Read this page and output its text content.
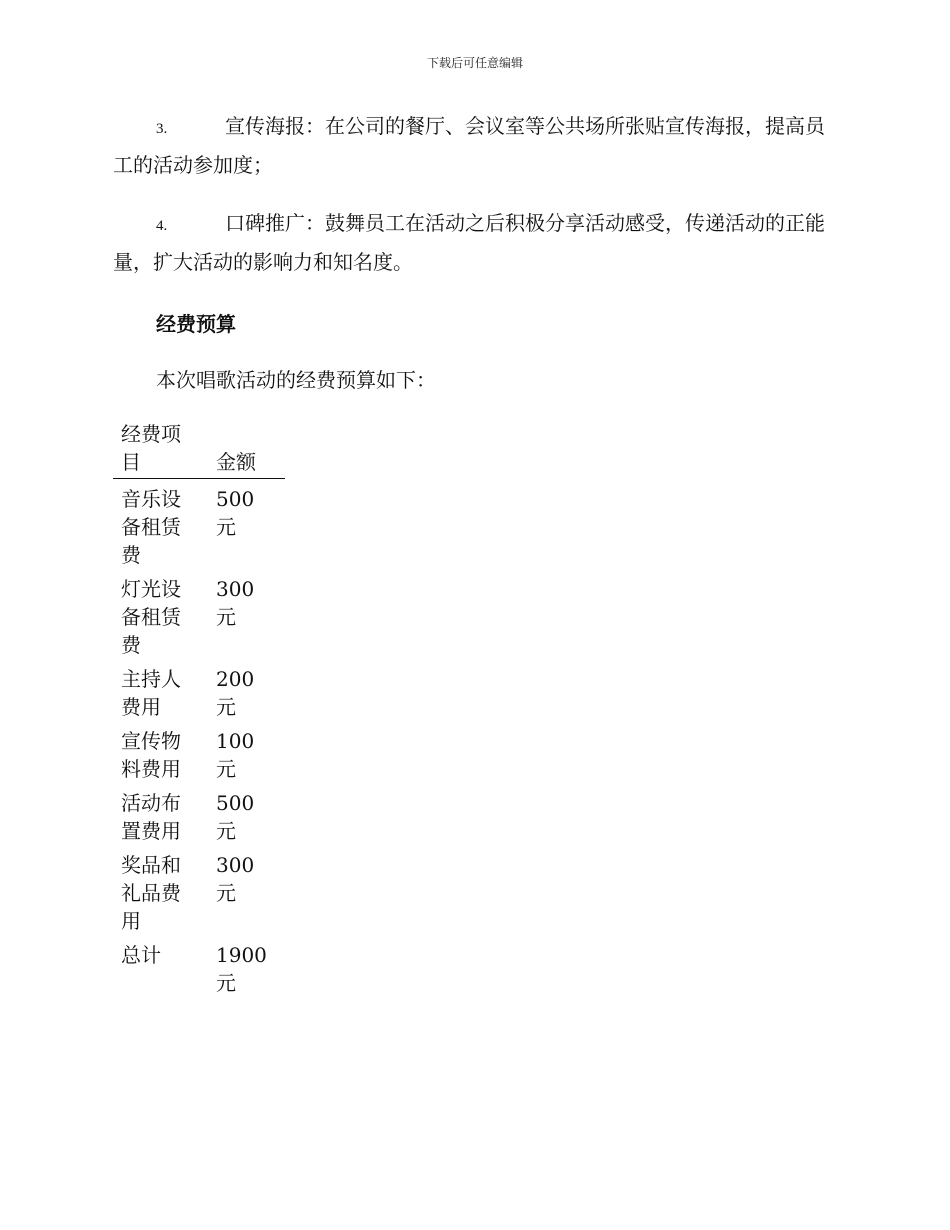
下载后可任意编辑
3.	宣传海报：在公司的餐厅、会议室等公共场所张贴宣传海报，提高员工的活动参加度；
4.	口碑推广：鼓舞员工在活动之后积极分享活动感受，传递活动的正能量，扩大活动的影响力和知名度。
经费预算
本次唱歌活动的经费预算如下：
经费项目	金额

音乐设备租赁费	500元

灯光设备租赁费	300元

主持人费用	200元

宣传物料费用	100元

活动布置费用	500元

奖品和礼品费用	300元

总计	1900元
